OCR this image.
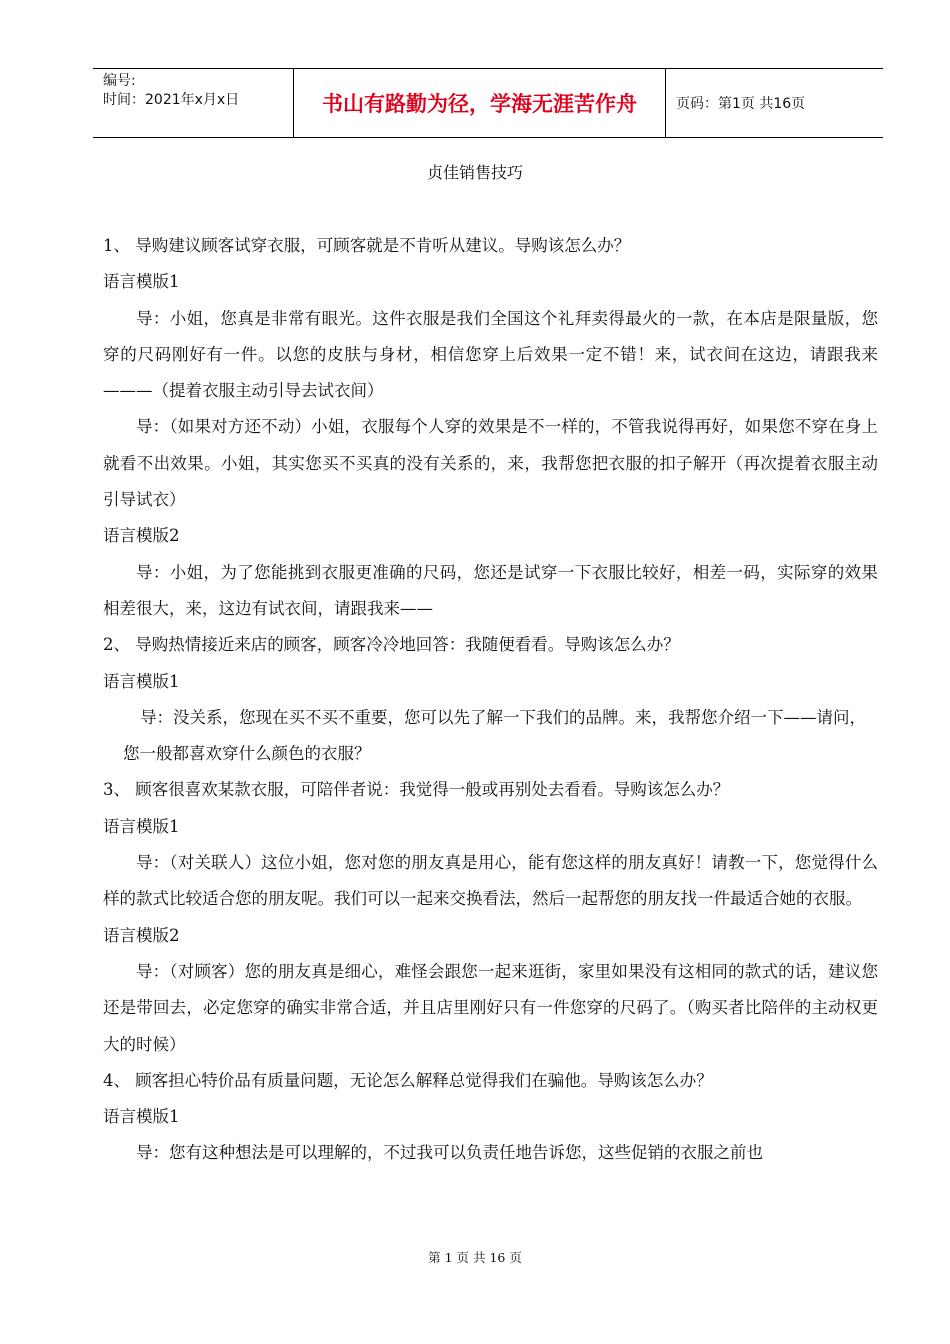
编号:
时间：2021年x月x日	书山有路勤为径，学海无涯苦作舟	页码：第1页 共16页
贞佳销售技巧

1、 导购建议顾客试穿衣服，可顾客就是不肯听从建议。导购该怎么办？

语言模版1

导：小姐，您真是非常有眼光。这件衣服是我们全国这个礼拜卖得最火的一款，在本店是限量版，您穿的尺码刚好有一件。以您的皮肤与身材，相信您穿上后效果一定不错！来，试衣间在这边，请跟我来———（提着衣服主动引导去试衣间）

导：（如果对方还不动）小姐，衣服每个人穿的效果是不一样的，不管我说得再好，如果您不穿在身上就看不出效果。小姐，其实您买不买真的没有关系的，来，我帮您把衣服的扣子解开（再次提着衣服主动引导试衣）

语言模版2

导：小姐，为了您能挑到衣服更准确的尺码，您还是试穿一下衣服比较好，相差一码，实际穿的效果相差很大，来，这边有试衣间，请跟我来——

2、 导购热情接近来店的顾客，顾客冷冷地回答：我随便看看。导购该怎么办？

语言模版1

导：没关系，您现在买不买不重要，您可以先了解一下我们的品牌。来，我帮您介绍一下——请问，您一般都喜欢穿什么颜色的衣服？

3、 顾客很喜欢某款衣服，可陪伴者说：我觉得一般或再别处去看看。导购该怎么办？

语言模版1

导：（对关联人）这位小姐，您对您的朋友真是用心，能有您这样的朋友真好！请教一下，您觉得什么样的款式比较适合您的朋友呢。我们可以一起来交换看法，然后一起帮您的朋友找一件最适合她的衣服。

语言模版2

导：（对顾客）您的朋友真是细心，难怪会跟您一起来逛街，家里如果没有这相同的款式的话，建议您还是带回去，必定您穿的确实非常合适，并且店里刚好只有一件您穿的尺码了。（购买者比陪伴的主动权更大的时候）

4、 顾客担心特价品有质量问题，无论怎么解释总觉得我们在骗他。导购该怎么办？

语言模版1

导：您有这种想法是可以理解的，不过我可以负责任地告诉您，这些促销的衣服之前也

第 1 页 共 16 页
